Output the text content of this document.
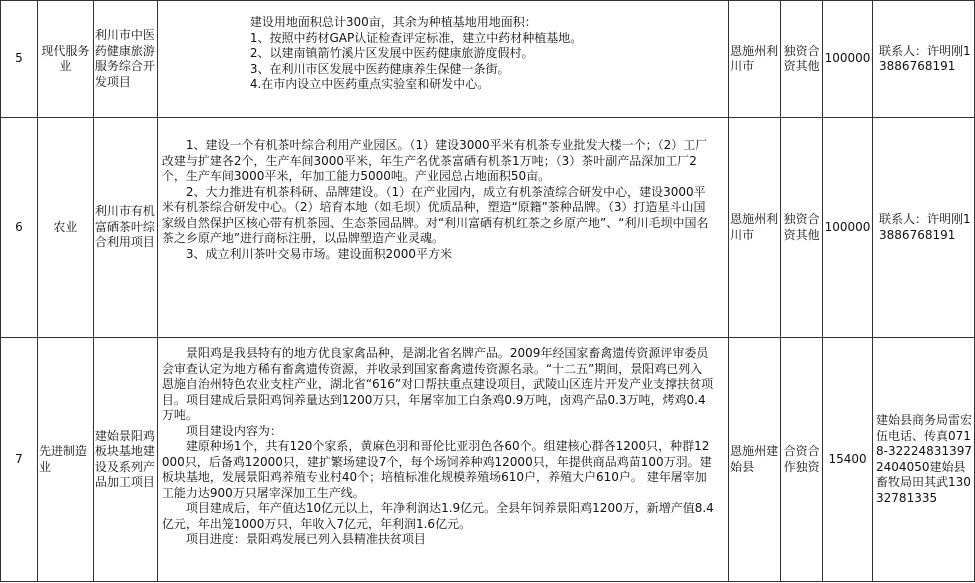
5	现代服务业	利川市中医药健康旅游服务综合开发项目	建设用地面积总计300亩，其余为种植基地用地面积：
1、按照中药材GAP认证检查评定标准，建立中药材种植基地。
2、以建南镇箭竹溪片区发展中医药健康旅游度假村。
3、在利川市区发展中医药健康养生保健一条街。
4.在市内设立中医药重点实验室和研发中心。	恩施州利川市	独资合资其他	100000	联系人：许明刚13886768191
6	农业	利川市有机富硒茶叶综合利用项目	1、建设一个有机茶叶综合利用产业园区。（1）建设3000平米有机茶专业批发大楼一个；（2）工厂改建与扩建各2个，生产车间3000平米，年生产名优茶富硒有机茶1万吨；（3）茶叶副产品深加工厂2个，生产车间3000平米，年加工能力5000吨。产业园总占地面积50亩。
2、大力推进有机茶科研、品牌建设。（1）在产业园内，成立有机茶渣综合研发中心，建设3000平米有机茶综合研发中心。（2）培育本地（如毛坝）优质品种，塑造“原籍”茶种品牌。（3）打造星斗山国家级自然保护区核心带有机茶园、生态茶园品牌。对“利川富硒有机红茶之乡原产地”、“利川毛坝中国名茶之乡原产地”进行商标注册，以品牌塑造产业灵魂。
3、成立利川茶叶交易市场。建设面积2000平方米	恩施州利川市	独资合资其他	100000	联系人：许明刚13886768191
7	先进制造业	建始景阳鸡板块基地建设及系列产品加工项目	景阳鸡是我县特有的地方优良家禽品种，是湖北省名牌产品。2009年经国家畜禽遗传资源评审委员会审查认定为地方稀有畜禽遗传资源，并收录到国家畜禽遗传资源名录。“十二五”期间，景阳鸡已列入恩施自治州特色农业支柱产业，湖北省“616”对口帮扶重点建设项目，武陵山区连片开发产业支撑扶贫项目。项目建成后景阳鸡饲养量达到1200万只，年屠宰加工白条鸡0.9万吨，卤鸡产品0.3万吨，烤鸡0.4万吨。
项目建设内容为：
建原种场1个，共有120个家系，黄麻色羽和哥伦比亚羽色各60个。组建核心群各1200只，种群12000只，后备鸡12000只，建扩繁场建设7个，每个场饲养种鸡12000只，年提供商品鸡苗100万羽。建板块基地，发展景阳鸡养殖专业村40个；培植标准化规模养殖场610户，养殖大户610户。 建年屠宰加工能力达900万只屠宰深加工生产线。
项目建成后，年产值达10亿元以上，年净利润达1.9亿元。全县年饲养景阳鸡1200万，新增产值8.4亿元，年出笼1000万只，年收入7亿元，年利润1.6亿元。
项目进度：景阳鸡发展已列入县精准扶贫项目	恩施州建始县	合资合作独资	15400	建始县商务局雷宏伍电话、传真0718-322248313972404050建始县畜牧局田其武13032781335
